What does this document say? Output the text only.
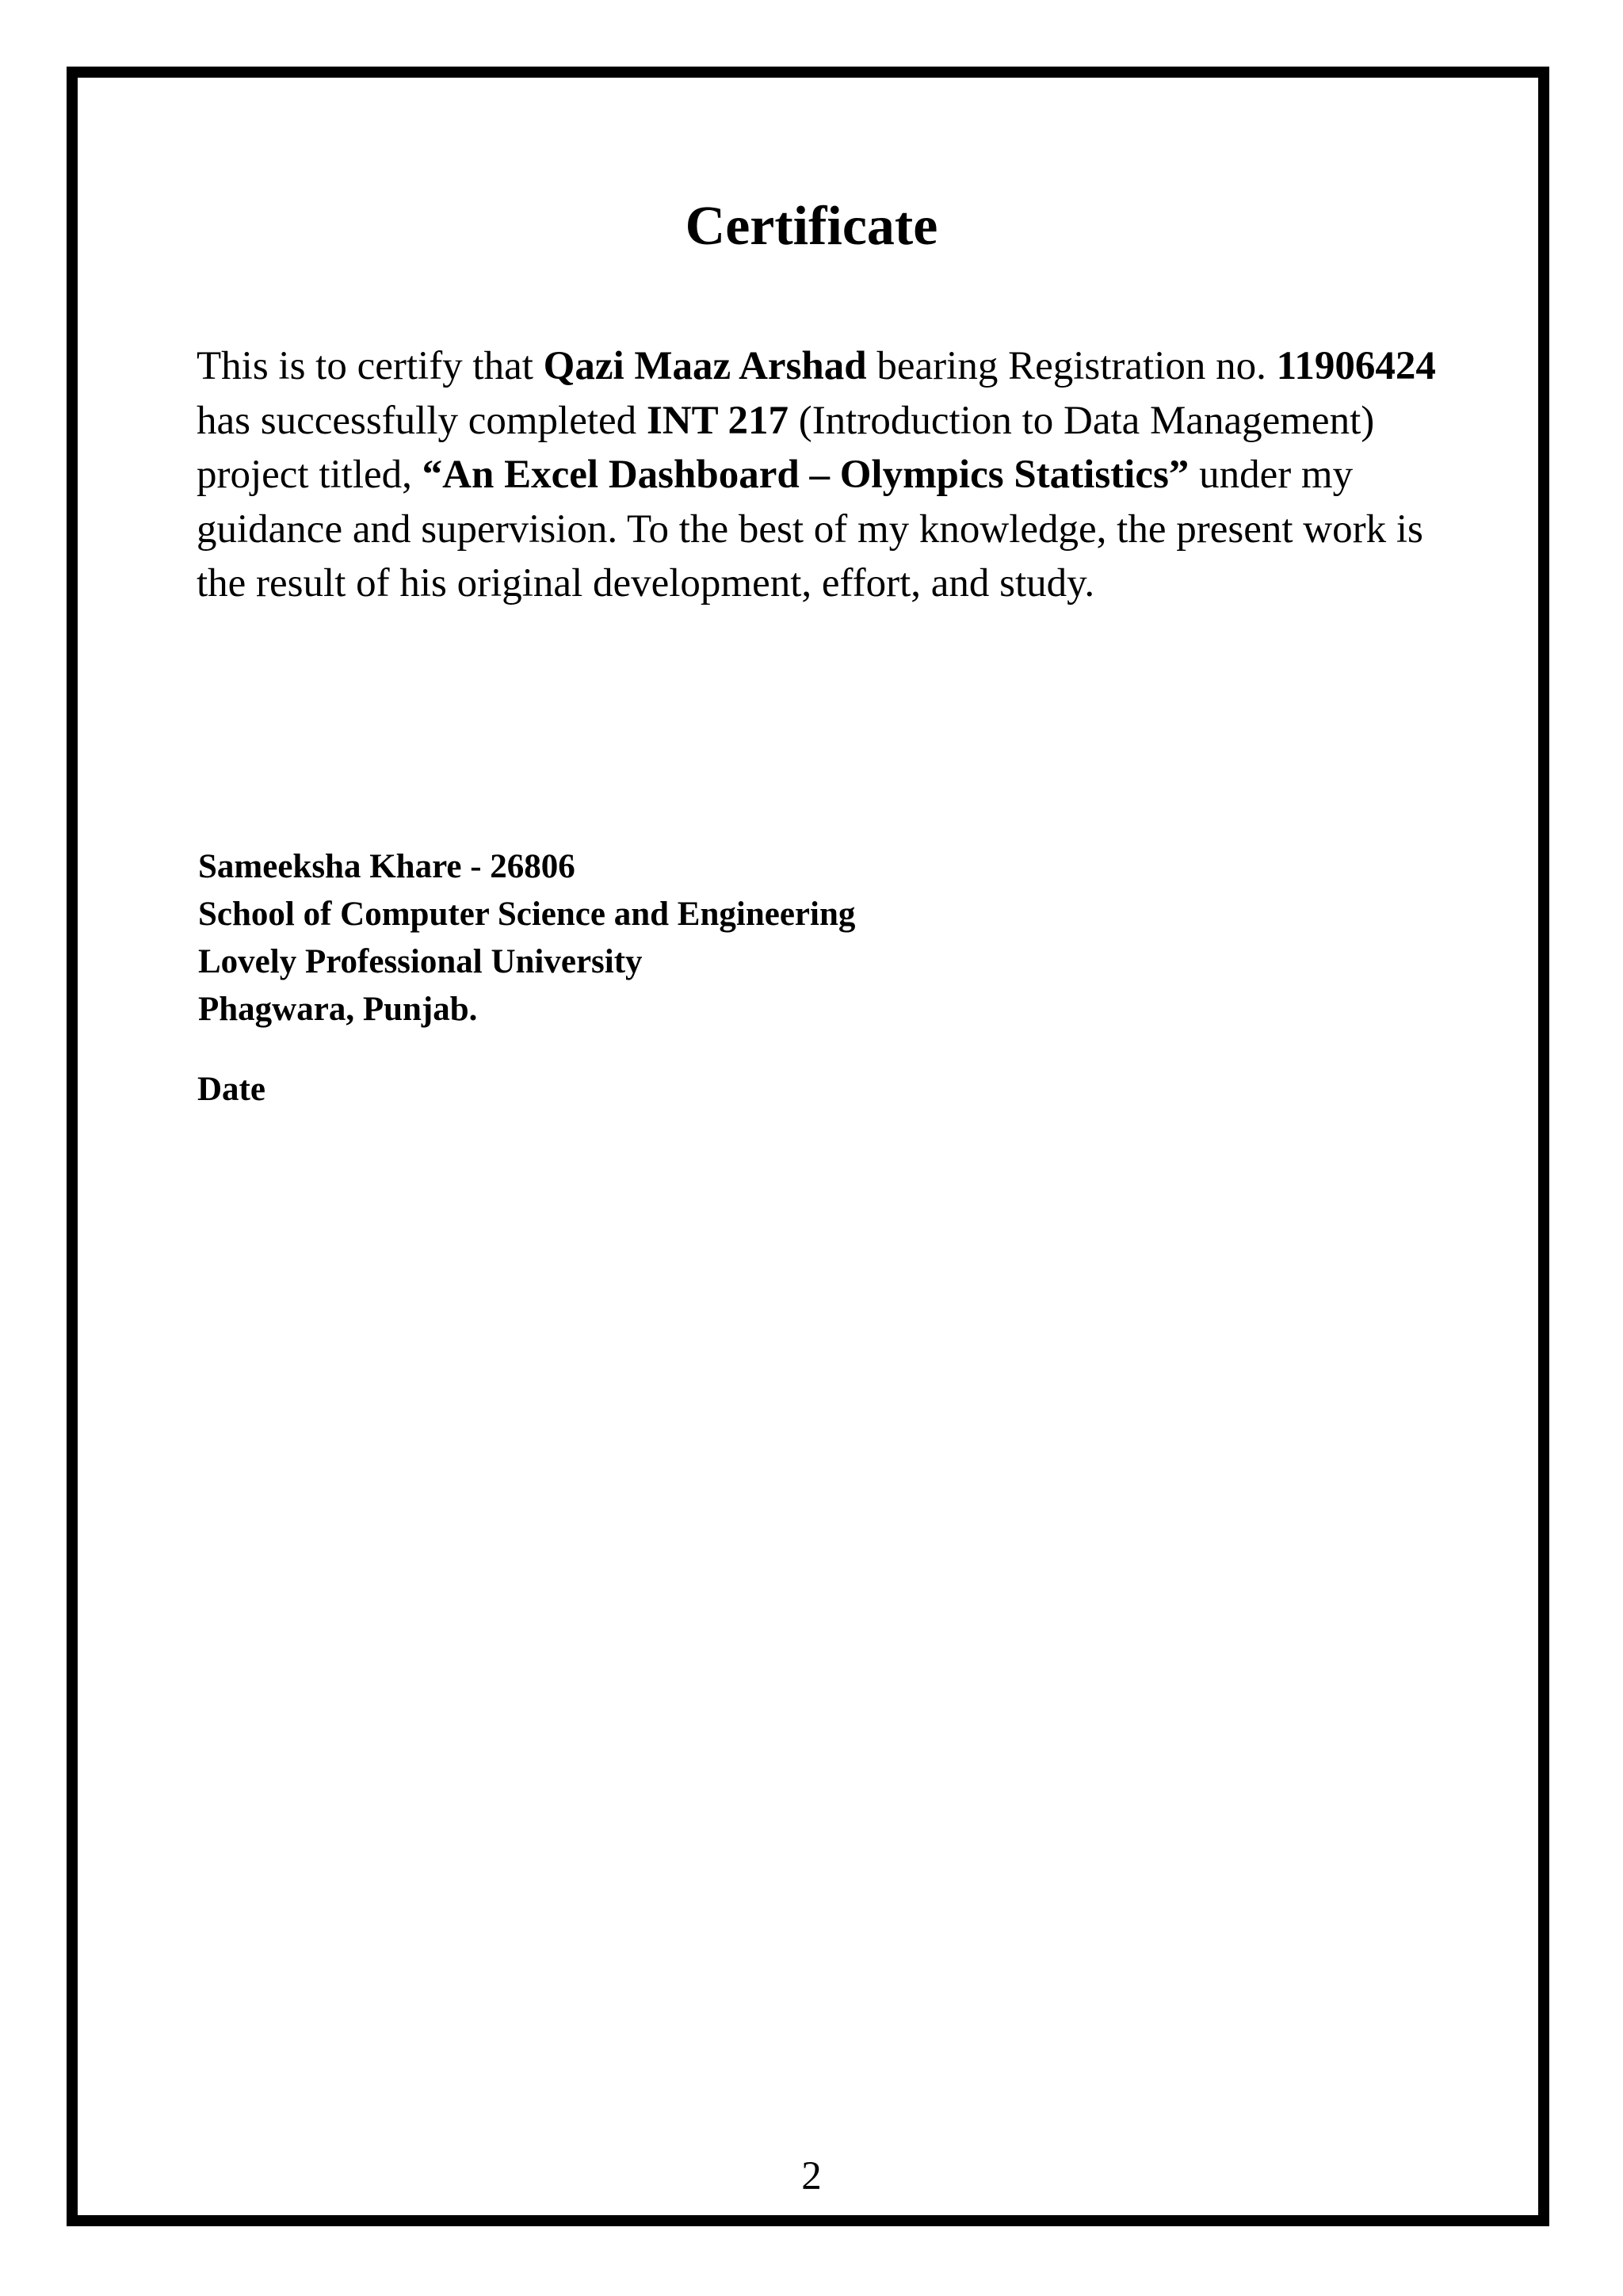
Certificate

This is to certify that Qazi Maaz Arshad bearing Registration no. 11906424 has successfully completed INT 217 (Introduction to Data Management) project titled, “An Excel Dashboard – Olympics Statistics” under my guidance and supervision. To the best of my knowledge, the present work is the result of his original development, effort, and study.

Sameeksha Khare - 26806
School of Computer Science and Engineering
Lovely Professional University
Phagwara, Punjab.
Date
2
